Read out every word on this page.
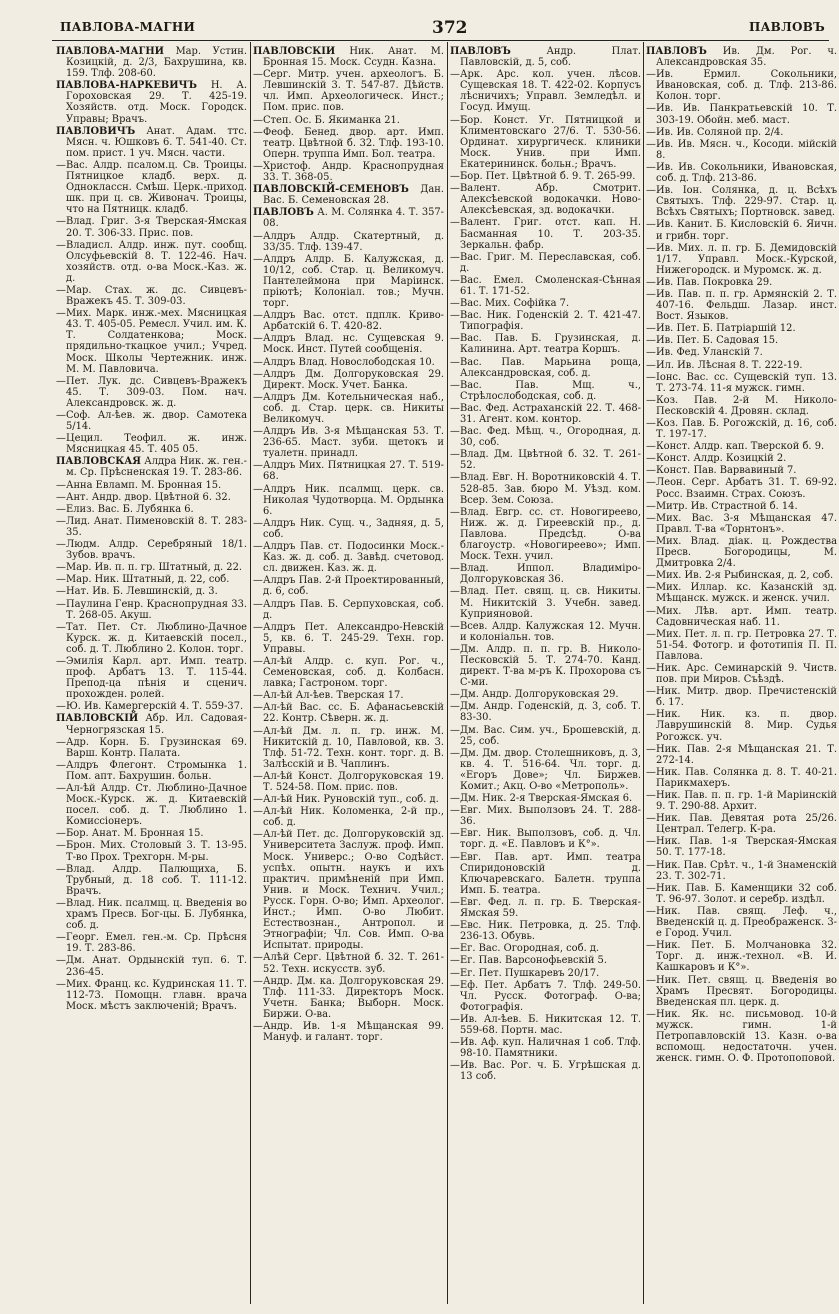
ПАВЛОВА-МАГНИ	372	ПАВЛОВЪ
ПАВЛОВА-МАГНИ Мар. Устин. Козицкій, д. 2/3, Бахрушина, кв. 159. Тлф. 208-60.
ПАВЛОВА-НАРКЕВИЧЪ Н. А. Гороховская 29. Т. 425-19. Хозяйств. отд. Моск. Городск. Управы; Врачъ.
ПАВЛОВИЧЪ Анат. Адам. ттс. Мясн. ч. Юшковъ 6. Т. 541-40. Ст. пом. прист. 1 уч. Мясн. части.
—Вас. Алдр. псалом.ц. Св. Троицы. Пятницкое кладб. верх. д. Одноклассн. Смѣш. Церк.-приход. шк. при ц. св. Живонач. Троицы, что на Пятницк. кладб.
—Влад. Григ. 3-я Тверская-Ямская 20. Т. 306-33. Прис. пов.
—Владисл. Алдр. инж. пут. сообщ. Олсуфьевскій 8. Т. 122-46. Нач. хозяйств. отд. о-ва Моск.-Каз. ж. д.
—Мар. Стах. ж. дс. Сивцевъ-Вражекъ 45. Т. 309-03.
—Мих. Марк. инж.-мех. Мясницкая 43. Т. 405-05. Ремесл. Учил. им. К. Т. Солдатенкова; Моск. прядильно-ткацкое учил.; Учред. Моск. Школы Чертежник. инж. М. М. Павловича.
—Пет. Лук. дс. Сивцевъ-Вражекъ 45. Т. 309-03. Пом. нач. Александровск. ж. д.
—Соф. Ал-ѣев. ж. двор. Самотека 5/14.
—Цецил. Теофил. ж. инж. Мясницкая 45. Т. 405 05.
ПАВЛОВСКАЯ Алдра Ник. ж. ген.-м. Ср. Прѣсненская 19. Т. 283-86.
—Анна Евламп. М. Бронная 15.
—Ант. Андр. двор. Цвѣтной 6. 32.
—Елиз. Вас. Б. Лубянка 6.
—Лид. Анат. Пименовскій 8. Т. 283-35.
—Людм. Алдр. Серебряный 18/1. Зубов. врачъ.
—Мар. Ив. п. п. гр. Штатный, д. 22.
—Мар. Ник. Штатный, д. 22, соб.
—Нат. Ив. Б. Левшинскій, д. 3.
—Паулина Генр. Краснопрудная 33. Т. 268-05. Акуш.
—Тат. Пет. Ст. Люблино-Дачное Курск. ж. д. Китаевскій посел., соб. д. Т. Люблино 2. Колон. торг.
—Эмилія Карл. арт. Имп. театр. проф. Арбатъ 13. Т. 115-44. Препод-ца пѣнія и сценич. прохожден. ролей.
—Ю. Ив. Камергерскій 4. Т. 559-37.
ПАВЛОВСКІЙ Абр. Ил. Садовая-Черногрязская 15.
—Адр. Корн. Б. Грузинская 69. Варш. Контр. Палата.
—Алдръ Флегонт. Стромынка 1. Пом. апт. Бахрушин. больн.
—Ал-ѣй Алдр. Ст. Люблино-Дачное Моск.-Курск. ж. д. Китаевскій посел. соб. д. Т. Люблино 1. Комиссіонеръ.
—Бор. Анат. М. Бронная 15.
—Брон. Мих. Столовый 3. Т. 13-95. Т-во Прох. Трехгорн. М-ры.
—Влад. Алдр. Пaлющиха, Б. Трубный, д. 18 соб. Т. 111-12. Врачъ.
—Влад. Ник. псалмщ. ц. Введенія во храмъ Пресв. Бог-цы. Б. Лубянка, соб. д.
—Георг. Емел. ген.-м. Ср. Прѣсня 19. Т. 283-86.
—Дм. Анат. Ордынскій туп. 6. Т. 236-45.
—Мих. Франц. кс. Кудринская 11. Т. 112-73. Помощн. главн. врача Моск. мѣстъ заключеній; Врачъ.
ПАВЛОВСКІЙ Ник. Анат. М. Бронная 15. Моск. Ссудн. Казна.
—Серг. Митр. учен. археологъ. Б. Левшинскій 3. Т. 547-87. Дѣйств. чл. Имп. Археологическ. Инст.; Пом. прис. пов.
—Степ. Ос. Б. Якиманка 21.
—Феоф. Бенед. двор. арт. Имп. театр. Цвѣтной б. 32. Тлф. 193-10. Оперн. труппа Имп. Бол. театра.
—Христоф. Андр. Краснопрудная 33. Т. 368-05.
ПАВЛОВСКІЙ-СЕМЕНОВЪ Дан. Вас. Б. Семеновская 28.
ПАВЛОВЪ А. М. Солянка 4. Т. 357-08.
—Алдръ Алдр. Скатертный, д. 33/35. Тлф. 139-47.
—Алдръ Алдр. Б. Калужская, д. 10/12, соб. Стар. ц. Великомуч. Пантелеймона при Маріинск. пріютѣ; Колоніал. тов.; Мучн. торг.
—Алдръ Вас. отст. пдплк. Криво-Арбатскій 6. Т. 420-82.
—Алдръ Влад. нс. Сущевская 9. Моск. Инст. Путей сообщенія.
—Алдръ Влад. Новослободская 10.
—Алдръ Дм. Долгоруковская 29. Директ. Моск. Учет. Банка.
—Алдръ Дм. Котельническая наб., соб. д. Стар. церк. св. Никиты Великомуч.
—Алдръ Ив. 3-я Мѣщанская 53. Т. 236-65. Маст. зуби. щетокъ и туалетн. принадл.
—Алдръ Мих. Пятницкая 27. Т. 519-68.
—Алдръ Ник. псалмщ. церк. св. Николая Чудотворца. М. Ордынка 6.
—Алдръ Ник. Сущ. ч., Задняя, д. 5, соб.
—Алдръ Пав. ст. Подосинки Моск.-Каз. ж. д. соб. д. Завѣд. счетовод. сл. движен. Каз. ж. д.
—Алдръ Пав. 2-й Проектированный, д. 6, соб.
—Алдръ Пав. Б. Серпуховская, соб. д.
—Алдръ Пет. Александро-Невскій 5, кв. 6. Т. 245-29. Техн. гор. Управы.
—Ал-ѣй Алдр. с. куп. Рог. ч., Семеновская, соб. д. Колбасн. лавка; Гастроном. торг.
—Ал-ѣй Ал-ѣев. Тверская 17.
—Ал-ѣй Вас. сс. Б. Афанасьевскій 22. Контр. Сѣверн. ж. д.
—Ал-ѣй Дм. л. п. гр. инж. М. Никитскій д. 10, Павловой, кв. 3. Тлф. 51-72. Техн. конт. торг. д. В. Залѣсскій и В. Чаплинъ.
—Ал-ѣй Конст. Долгоруковская 19. Т. 524-58. Пом. прис. пов.
—Ал-ѣй Ник. Руновскій туп., соб. д.
—Ал-ѣй Ник. Коломенка, 2-й пр., соб. д.
—Ал-ѣй Пет. дс. Долгоруковскій зд. Университета Заслуж. проф. Имп. Моск. Универс.; О-во Содѣйст. успѣх. опытн. наукъ и ихъ практич. примѣненій при Имп. Унив. и Моск. Технич. Учил.; Русск. Горн. О-во; Имп. Археолог. Инст.; Имп. О-во Любит. Естествознан., Антропол. и Этнографіи; Чл. Сов. Имп. О-ва Испытат. природы.
—Алѣй Серг. Цвѣтной б. 32. Т. 261-52. Техн. искусств. зуб.
—Андр. Дм. ка. Долгоруковская 29. Тлф. 111-33. Директоръ Моск. Учетн. Банка; Выборн. Моск. Биржи. О-ва.
—Андр. Ив. 1-я Мѣщанская 99. Мануф. и галант. торг.
ПАВЛОВЪ	Андр. Плат. Павловскій, д. 5, соб.
—Арк. Арс. кол. учен. лѣсов. Сущевская 18. Т. 422-02. Корпусъ лѣсничихъ; Управл. Земледѣл. и Госуд. Имущ.
—Бор. Конст. Уг. Пятницкой и Климентовскаго 27/6. Т. 530-56. Ординат. хирургическ. клиники Моск. Унив. при Имп. Екатерининск. больн.; Врачъ.
—Бор. Пет. Цвѣтной б. 9. Т. 265-99.
—Валент. Абр. Смотрит. Алексѣевской водокачки. Ново-Алексѣевская, зд. водокачки.
—Валент. Григ. отст. кап. Н. Басманная 10. Т. 203-35. Зеркальн. фабр.
—Вас. Григ. М. Переславская, соб. д.
—Вас. Емел. Смоленская-Сѣнная 61. Т. 171-52.
—Вас. Мих. Софійка 7.
—Вас. Ник. Годенскій 2. Т. 421-47. Типографія.
—Вас. Пав. Б. Грузинская, д. Калинина. Арт. театра Коршъ.
—Вас. Пав. Марьина роща, Александровская, соб. д.
—Вас. Пав. Мщ. ч., Стрѣлослободская, соб. д.
—Вас. Фед. Астраханскій 22. Т. 468-31. Агент. ком. контор.
—Вас. Фед. Мѣщ. ч., Огородная, д. 30, соб.
—Влад. Дм. Цвѣтной б. 32. Т. 261-52.
—Влад. Евг. Н. Воротниковскій 4. Т. 528-85. Зав. бюро М. Уѣзд. ком. Всер. Зем. Союза.
—Влад. Евгр. сс. ст. Новогиреево, Ниж. ж. д. Гиреевскій пр., д. Павлова. Предсѣд. О-ва благоустр. «Новогиреево»; Имп. Моск. Техн. учил.
—Влад. Иппол. Владиміро-Долгоруковская 36.
—Влад. Пет. свящ. ц. св. Никиты. М. Никитскій 3. Учебн. завед. Куприяновой.
—Всев. Алдр. Калужская 12. Мучн. и колоніальн. тов.
—Дм. Алдр. п. п. гр. В. Николо-Песковскій 5. Т. 274-70. Канд. директ. Т-ва м-ръ К. Прохорова съ С-ми.
—Дм. Андр. Долгоруковская 29.
—Дм. Андр. Годенскій, д. 3, соб. Т. 83-30.
—Дм. Вас. Сим. уч., Брошевскій, д. 25, соб.
—Дм. Дм. двор. Столешниковъ, д. 3, кв. 4. Т. 516-64. Чл. торг. д. «Егоръ Дове»; Чл. Биржев. Комит.; Акц. О-во «Метрополь».
—Дм. Ник. 2-я Тверская-Ямская 6.
—Евг. Мих. Выползовъ 24. Т. 288-36.
—Евг. Ник. Выползовъ, соб. д. Чл. торг. д. «Е. Павловъ и К°».
—Евг. Пав. арт. Имп. театра Спиридоновскій д. Ключаревскаго. Балетн. труппа Имп. Б. театра.
—Евг. Фед. л. п. гр. Б. Тверская-Ямская 59.
—Евс. Ник. Петровка, д. 25. Тлф. 236-13. Обувь.
—Ег. Вас. Огородная, соб. д.
—Ег. Пав. Варсонофьевскій 5.
—Ег. Пет. Пушкаревъ 20/17.
—Еф. Пет. Арбатъ 7. Тлф. 249-50. Чл. Русск. Фотограф. О-ва; Фотографія.
—Ив. Ал-ѣев. Б. Никитская 12. Т. 559-68. Портн. мас.
—Ив. Аф. куп. Наличная 1 соб. Тлф. 98-10. Памятники.
—Ив. Вас. Рог. ч. Б. Угрѣшская д. 13 соб.
ПАВЛОВЪ Ив. Дм. Рог. ч. Александровская 35.
—Ив. Ермил. Сокольники, Ивановская, соб. д. Тлф. 213-86. Колон. торг.
—Ив. Ив. Панкратьевскій 10. Т. 303-19. Обойн. меб. маст.
—Ив. Ив. Соляной пр. 2/4.
—Ив. Ив. Мясн. ч., Косоди. мійскій 8.
—Ив. Ив. Сокольники, Ивановская, соб. д. Тлф. 213-86.
—Ив. Іон. Солянка, д. ц. Всѣхъ Святыхъ. Тлф. 229-97. Стар. ц. Всѣхъ Святыхъ; Портновск. завед.
—Ив. Канит. Б. Кисловскій 6. Яичн. и грибн. торг.
—Ив. Мих. л. п. гр. Б. Демидовскій 1/17. Управл. Моск.-Курской, Нижегородск. и Муромск. ж. д.
—Ив. Пав. Покровка 29.
—Ив. Пав. п. п. гр. Армянскій 2. Т. 407-16. Фельдш. Лазар. инст. Вост. Языков.
—Ив. Пет. Б. Патріаршій 12.
—Ив. Пет. Б. Садовая 15.
—Ив. Фед. Уланскій 7.
—Ил. Ив. Лѣсная 8. Т. 222-19.
—Іонс. Вас. сс. Сущевскій туп. 13. Т. 273-74. 11-я мужск. гимн.
—Коз. Пав. 2-й М. Николо-Песковскій 4. Дровян. склад.
—Коз. Пав. Б. Рогожскій, д. 16, соб. Т. 197-17.
—Конст. Алдр. кап. Тверской б. 9.
—Конст. Алдр. Козицкій 2.
—Конст. Пав. Варвавиный 7.
—Леон. Серг. Арбатъ 31. Т. 69-92. Росс. Взаимн. Страх. Союзъ.
—Митр. Ив. Страстной б. 14.
—Мих. Вас. 3-я Мѣщанская 47. Правл. Т-ва «Торнтонъ».
—Мих. Влад. діак. ц. Рождества Пресв. Богородицы, М. Дмитровка 2/4.
—Мих. Ив. 2-я Рыбинская, д. 2, соб.
—Мих. Иллар. кс. Казанскій зд. Мѣщанск. мужск. и женск. учил.
—Мих. Лѣв. арт. Имп. театр. Садовническая наб. 11.
—Мих. Пет. л. п. гр. Петровка 27. Т. 51-54. Фотогр. и фототипія П. П. Павлова.
—Ник. Арс. Семинарскій 9. Чиств. пов. при Миров. Съѣздѣ.
—Ник. Митр. двор. Пречистенскій б. 17.
—Ник. Ник. кз. п. двор. Лаврушинскій 8. Мир. Судья Рогожск. уч.
—Ник. Пав. 2-я Мѣщанская 21. Т. 272-14.
—Ник. Пав. Солянка д. 8. Т. 40-21. Парикмахеръ.
—Ник. Пав. п. п. гр. 1-й Маріинскій 9. Т. 290-88. Архит.
—Ник. Пав. Девятая рота 25/26. Централ. Телегр. К-ра.
—Ник. Пав. 1-я Тверская-Ямская 50. Т. 177-18.
—Ник. Пав. Срѣт. ч., 1-й Знаменскій 23. Т. 302-71.
—Ник. Пав. Б. Каменщики 32 соб. Т. 96-97. Золот. и серебр. издѣл.
—Ник. Пав. свящ. Леф. ч., Введенскій ц. д. Преображенск. 3-е Город. Учил.
—Ник. Пет. Б. Молчановка 32. Торг. д. инж.-технол. «В. И. Кашкаровъ и К°».
—Ник. Пет. свящ. ц. Введенія во Храмъ Пресвят. Богородицы. Введенская пл. церк. д.
—Ник. Як. нс. письмовод. 10-й мужск. гимн. 1-й Петропавловскій 13. Казн. о-ва вспомощ. недостаточн. учен. женск. гимн. О. Ф. Протопоповой.
